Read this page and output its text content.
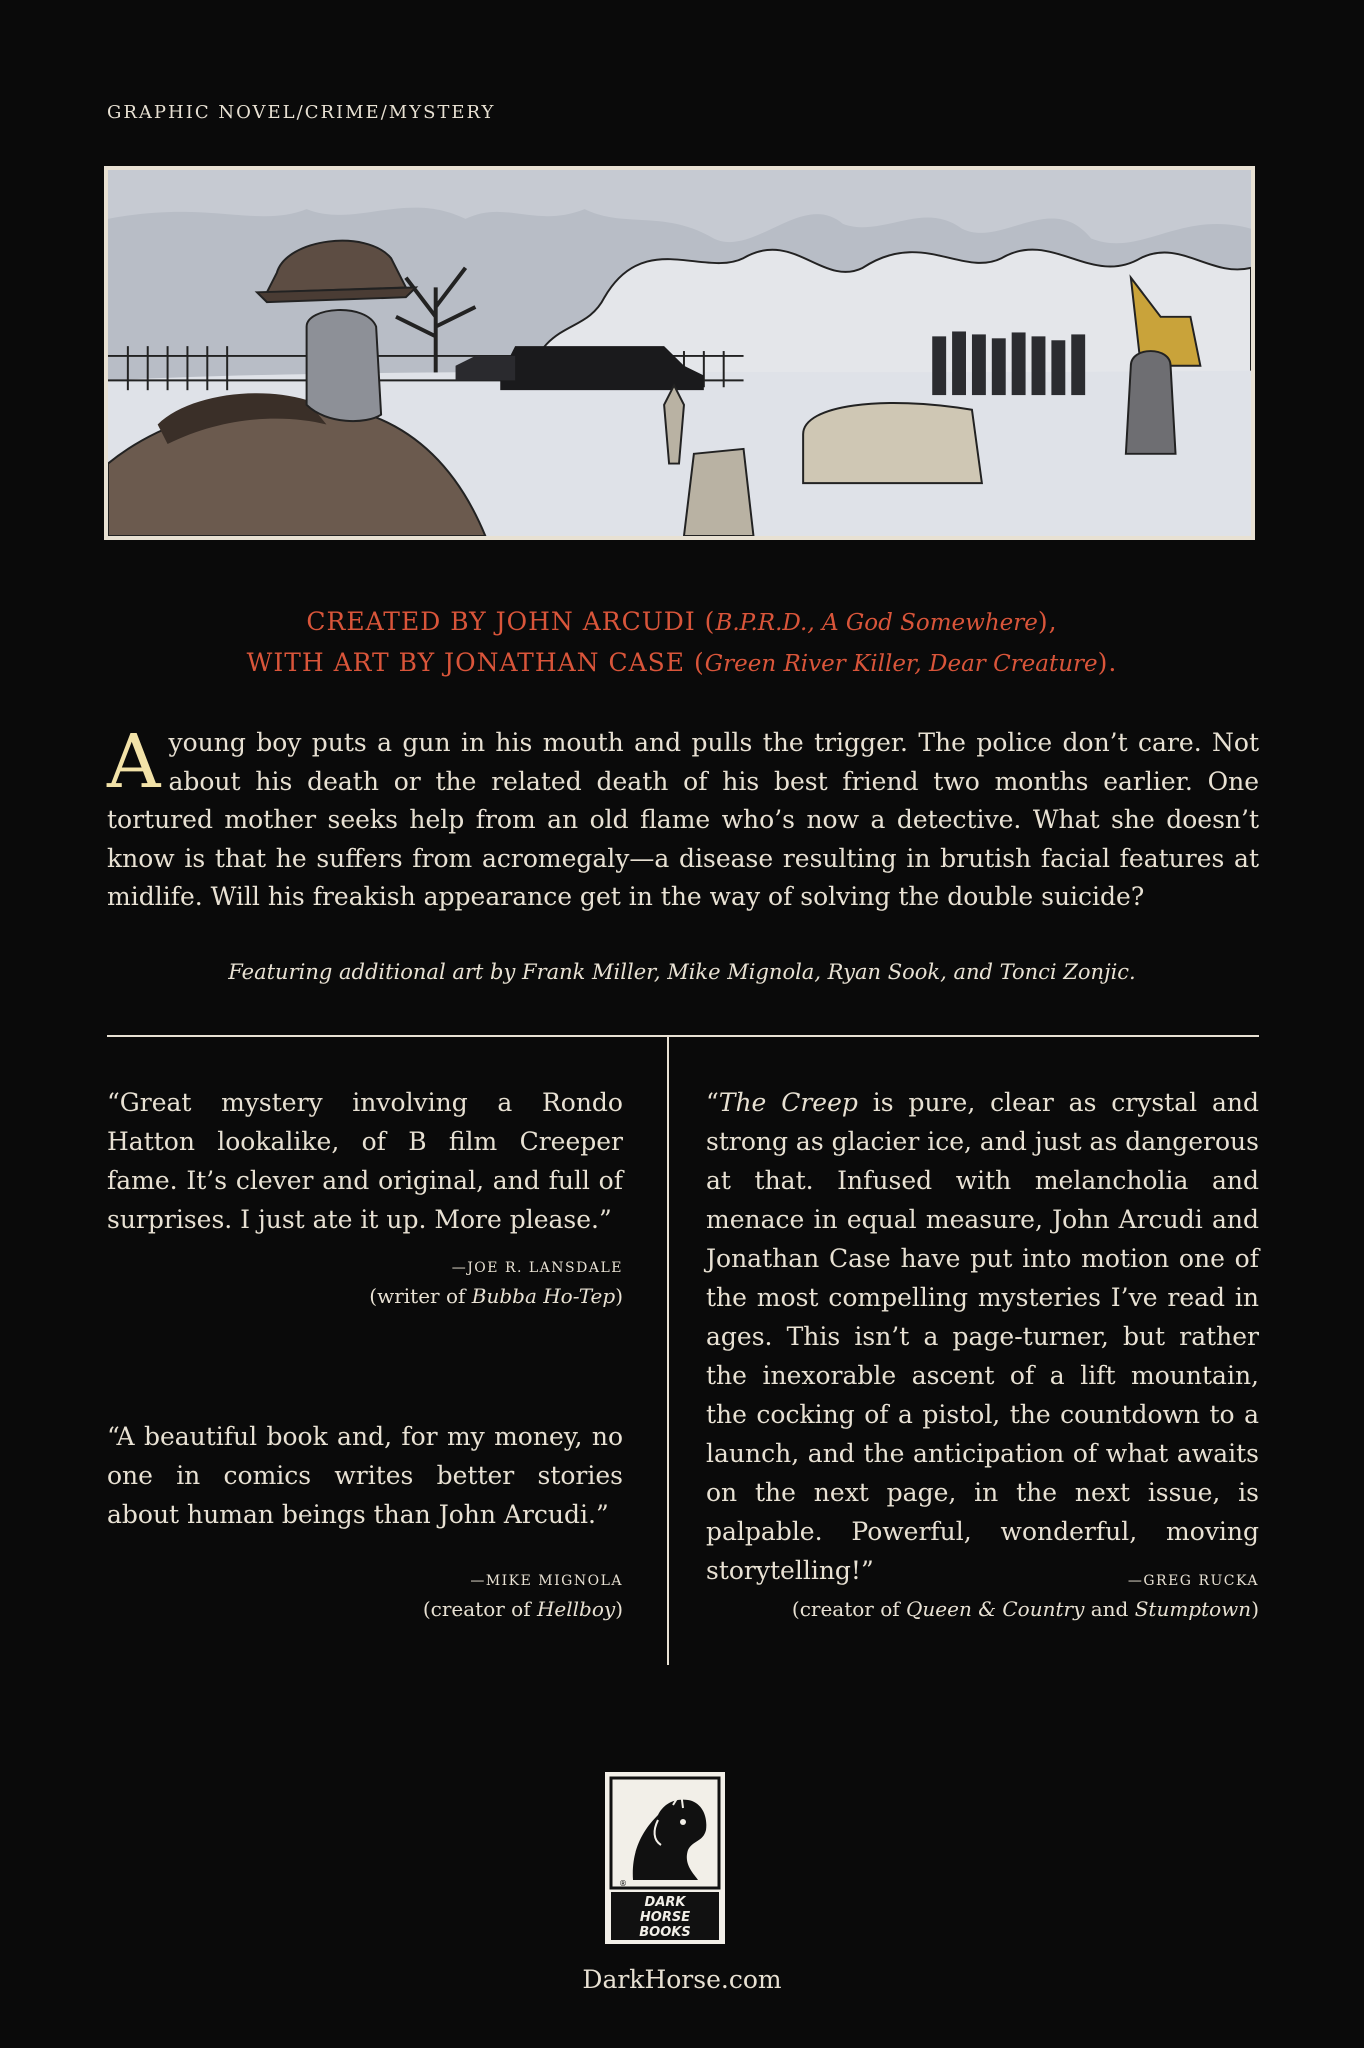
GRAPHIC NOVEL/CRIME/MYSTERY
CREATED BY JOHN ARCUDI (B.P.R.D., A God Somewhere),
WITH ART BY JONATHAN CASE (Green River Killer, Dear Creature).
Ayoung boy puts a gun in his mouth and pulls the trigger. The police don’t care. Not about his death or the related death of his best friend two months earlier. One tortured mother seeks help from an old flame who’s now a detective. What she doesn’t know is that he suffers from acromegaly—a disease resulting in brutish facial features at midlife. Will his freakish appearance get in the way of solving the double suicide?
Featuring additional art by Frank Miller, Mike Mignola, Ryan Sook, and Tonci Zonjic.
“Great mystery involving a Rondo Hatton lookalike, of B film Creeper fame. It’s clever and original, and full of surprises. I just ate it up. More please.”
—JOE R. LANSDALE
(writer of Bubba Ho-Tep)
“A beautiful book and, for my money, no one in comics writes better stories about human beings than John Arcudi.”
—MIKE MIGNOLA
(creator of Hellboy)
“The Creep is pure, clear as crystal and strong as glacier ice, and just as dangerous at that. Infused with melancholia and menace in equal measure, John Arcudi and Jonathan Case have put into motion one of the most compelling mysteries I’ve read in ages. This isn’t a page-turner, but rather the inexorable ascent of a lift mountain, the cocking of a pistol, the countdown to a launch, and the anticipation of what awaits on the next page, in the next issue, is palpable. Powerful, wonderful, moving storytelling!”	—GREG RUCKA
(creator of Queen & Country and Stumptown)
®
DARK
HORSE
BOOKS
DarkHorse.com
